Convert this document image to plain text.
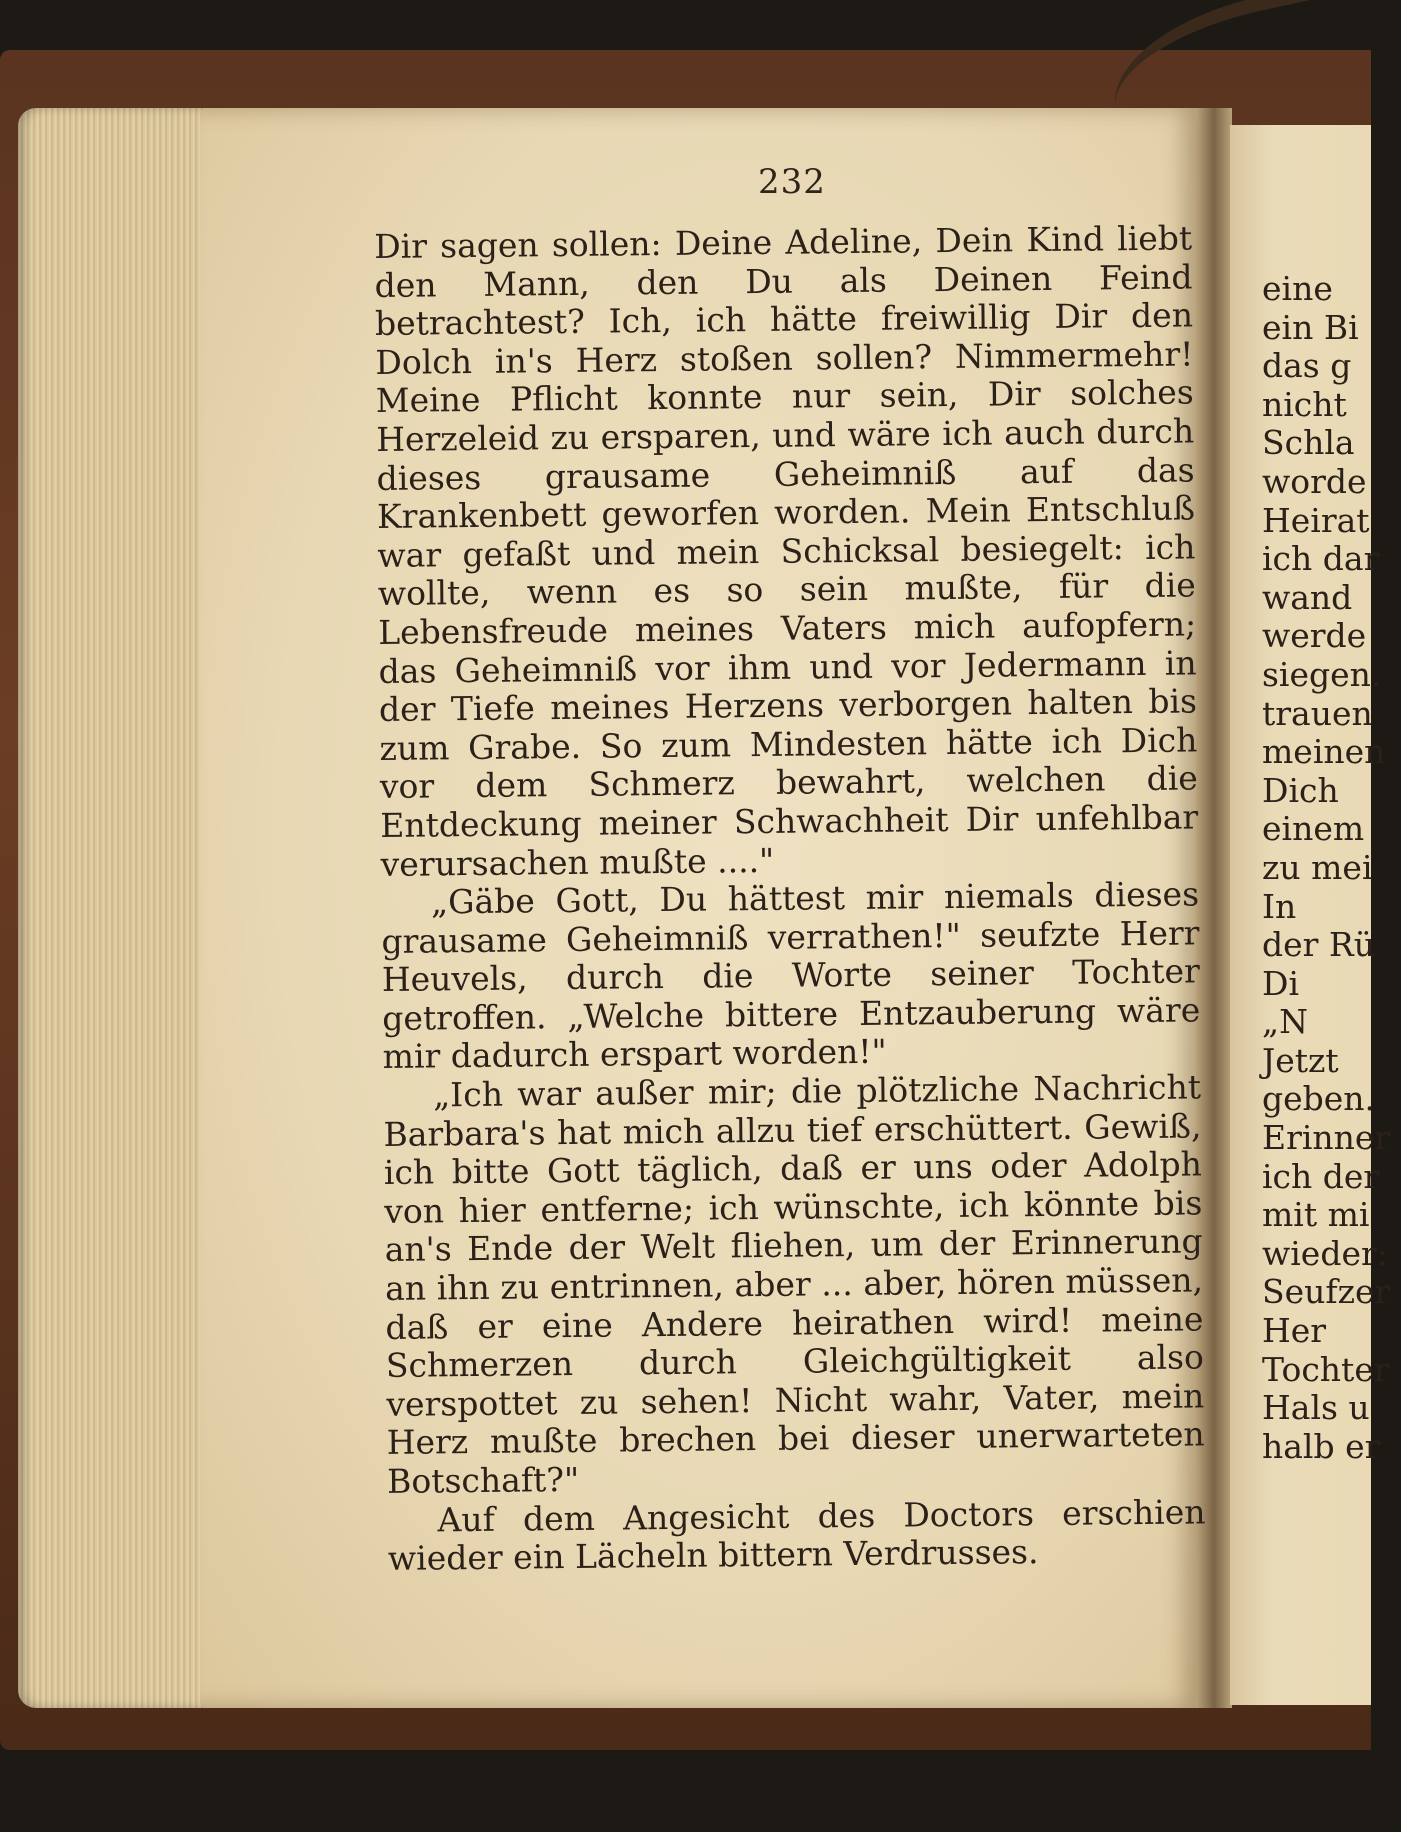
232

Dir sagen sollen: Deine Adeline, Dein Kind liebt den Mann, den Du als Deinen Feind betrachtest? Ich, ich hätte freiwillig Dir den Dolch in's Herz stoßen sollen? Nimmermehr! Meine Pflicht konnte nur sein, Dir solches Herzeleid zu ersparen, und wäre ich auch durch dieses grausame Geheimniß auf das Krankenbett geworfen worden. Mein Entschluß war gefaßt und mein Schicksal besiegelt: ich wollte, wenn es so sein mußte, für die Lebensfreude meines Vaters mich aufopfern; das Geheimniß vor ihm und vor Jedermann in der Tiefe meines Herzens verborgen halten bis zum Grabe. So zum Mindesten hätte ich Dich vor dem Schmerz bewahrt, welchen die Entdeckung meiner Schwachheit Dir unfehlbar verursachen mußte ...."

„Gäbe Gott, Du hättest mir niemals dieses grausame Geheimniß verrathen!" seufzte Herr Heuvels, durch die Worte seiner Tochter getroffen. „Welche bittere Entzauberung wäre mir dadurch erspart worden!"

„Ich war außer mir; die plötzliche Nachricht Barbara's hat mich allzu tief erschüttert. Gewiß, ich bitte Gott täglich, daß er uns oder Adolph von hier entferne; ich wünschte, ich könnte bis an's Ende der Welt fliehen, um der Erinnerung an ihn zu entrinnen, aber ... aber, hören müssen, daß er eine Andere heirathen wird! meine Schmerzen durch Gleichgültigkeit also verspottet zu sehen! Nicht wahr, Vater, mein Herz mußte brechen bei dieser unerwarteten Botschaft?"

Auf dem Angesicht des Doctors erschien wieder ein Lächeln bittern Verdrusses.

eine
ein Bi
das g
nicht
Schla
worde
Heirat
ich dar
wand
werde
siegen.
trauen
meinen
Dich
einem
zu mei
In
der Rü
Di
„N
Jetzt
geben.
Erinner
ich der
mit mi
wieder:
Seufzer
Her
Tochter
Hals u
halb er
